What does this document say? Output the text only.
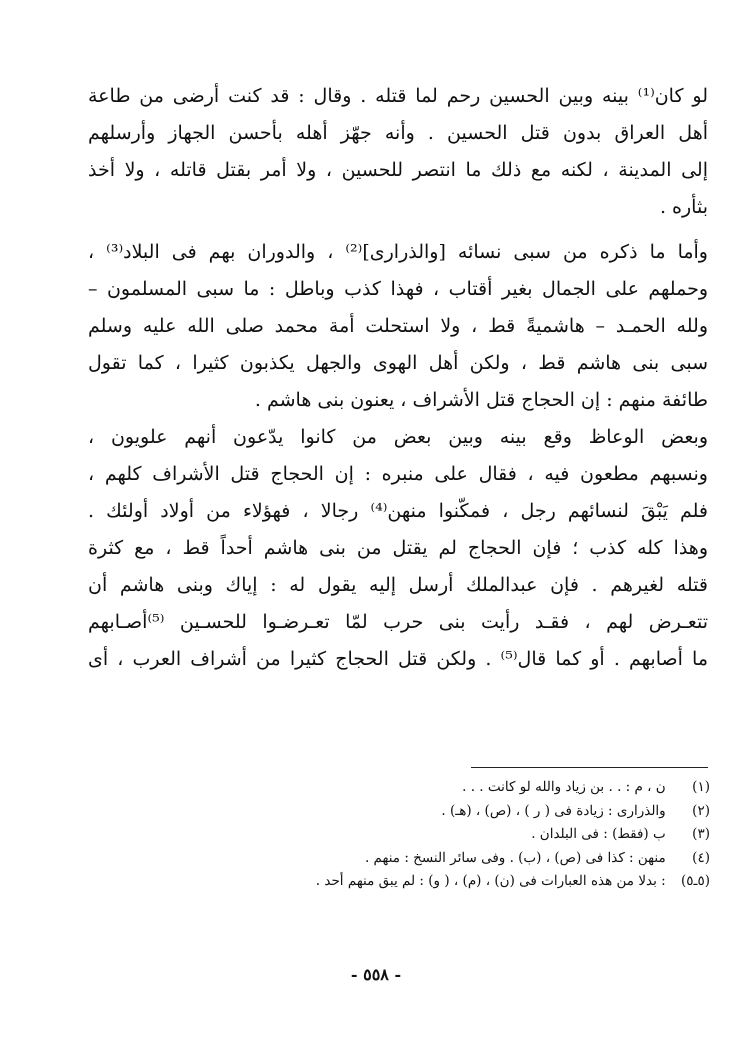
لو كان⁽¹⁾ بينه وبين الحسين رحم لما قتله . وقال : قد كنت أرضى من طاعة
أهل العراق بدون قتل الحسين . وأنه جهّز أهله بأحسن الجهاز وأرسلهم
إلى المدينة ، لكنه مع ذلك ما انتصر للحسين ، ولا أمر بقتل قاتله ، ولا أخذ
بثأره .
وأما ما ذكره من سبى نسائه [والذرارى]⁽²⁾ ، والدوران بهم فى البلاد⁽³⁾ ،
وحملهم على الجمال بغير أقتاب ، فهذا كذب وباطل : ما سبى المسلمون –
ولله الحمـد – هاشميةً قط ، ولا استحلت أمة محمد صلى الله عليه وسلم
سبى بنى هاشم قط ، ولكن أهل الهوى والجهل يكذبون كثيرا ، كما تقول
طائفة منهم : إن الحجاج قتل الأشراف ، يعنون بنى هاشم .
وبعض الوعاظ وقع بينه وبين بعض من كانوا يدّعون أنهم علويون ،
ونسبهم مطعون فيه ، فقال على منبره : إن الحجاج قتل الأشراف كلهم ،
فلم يَبْقَ لنسائهم رجل ، فمكّنوا منهن⁽⁴⁾ رجالا ، فهؤلاء من أولاد أولئك .
وهذا كله كذب ؛ فإن الحجاج لم يقتل من بنى هاشم أحداً قط ، مع كثرة
قتله لغيرهم . فإن عبدالملك أرسل إليه يقول له : إياك وبنى هاشم أن
تتعـرض لهم ، فقـد رأيت بنى حرب لمّا تعـرضـوا للحسـين ⁽⁵⁾أصـابهم
ما أصابهم . أو كما قال⁽⁵⁾ . ولكن قتل الحجاج كثيرا من أشراف العرب ، أى
(١) ن ، م : . . بن زياد والله لو كانت . . .
(٢) والذرارى : زيادة فى ( ر ) ، (ص) ، (هـ) .
(٣) ب (فقط) : فى البلدان .
(٤) منهن : كذا فى (ص) ، (ب) . وفى سائر النسخ : منهم .
(٥ـ٥) : بدلا من هذه العبارات فى (ن) ، (م) ، ( و) : لم يبق منهم أحد .
- ٥٥٨ -
